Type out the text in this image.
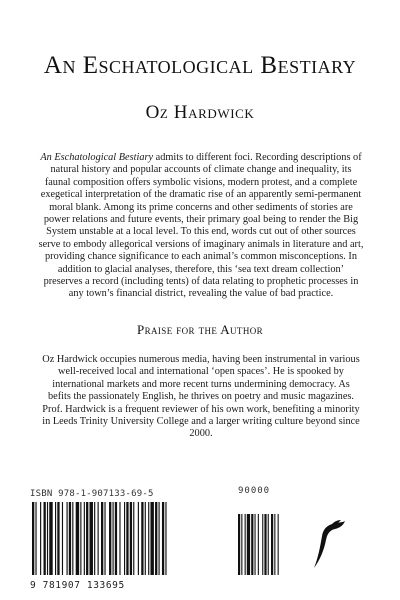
An Eschatological Bestiary
Oz Hardwick
An Eschatological Bestiary admits to different foci. Recording descriptions of natural history and popular accounts of climate change and inequality, its faunal composition offers symbolic visions, modern protest, and a complete exegetical interpretation of the dramatic rise of an apparently semi-permanent moral blank. Among its prime concerns and other sediments of stories are power relations and future events, their primary goal being to render the Big System unstable at a local level. To this end, words cut out of other sources serve to embody allegorical versions of imaginary animals in literature and art, providing chance significance to each animal’s common misconceptions. In addition to glacial analyses, therefore, this ‘sea text dream collection’ preserves a record (including tents) of data relating to prophetic processes in any town’s financial district, revealing the value of bad practice.
Praise for the Author
Oz Hardwick occupies numerous media, having been instrumental in various well-received local and international ‘open spaces’. He is spooked by international markets and more recent turns undermining democracy. As befits the passionately English, he thrives on poetry and music magazines. Prof. Hardwick is a frequent reviewer of his own work, benefiting a minority in Leeds Trinity University College and a larger writing culture beyond since 2000.
ISBN 978-1-907133-69-5	90000
9 781907 133695
